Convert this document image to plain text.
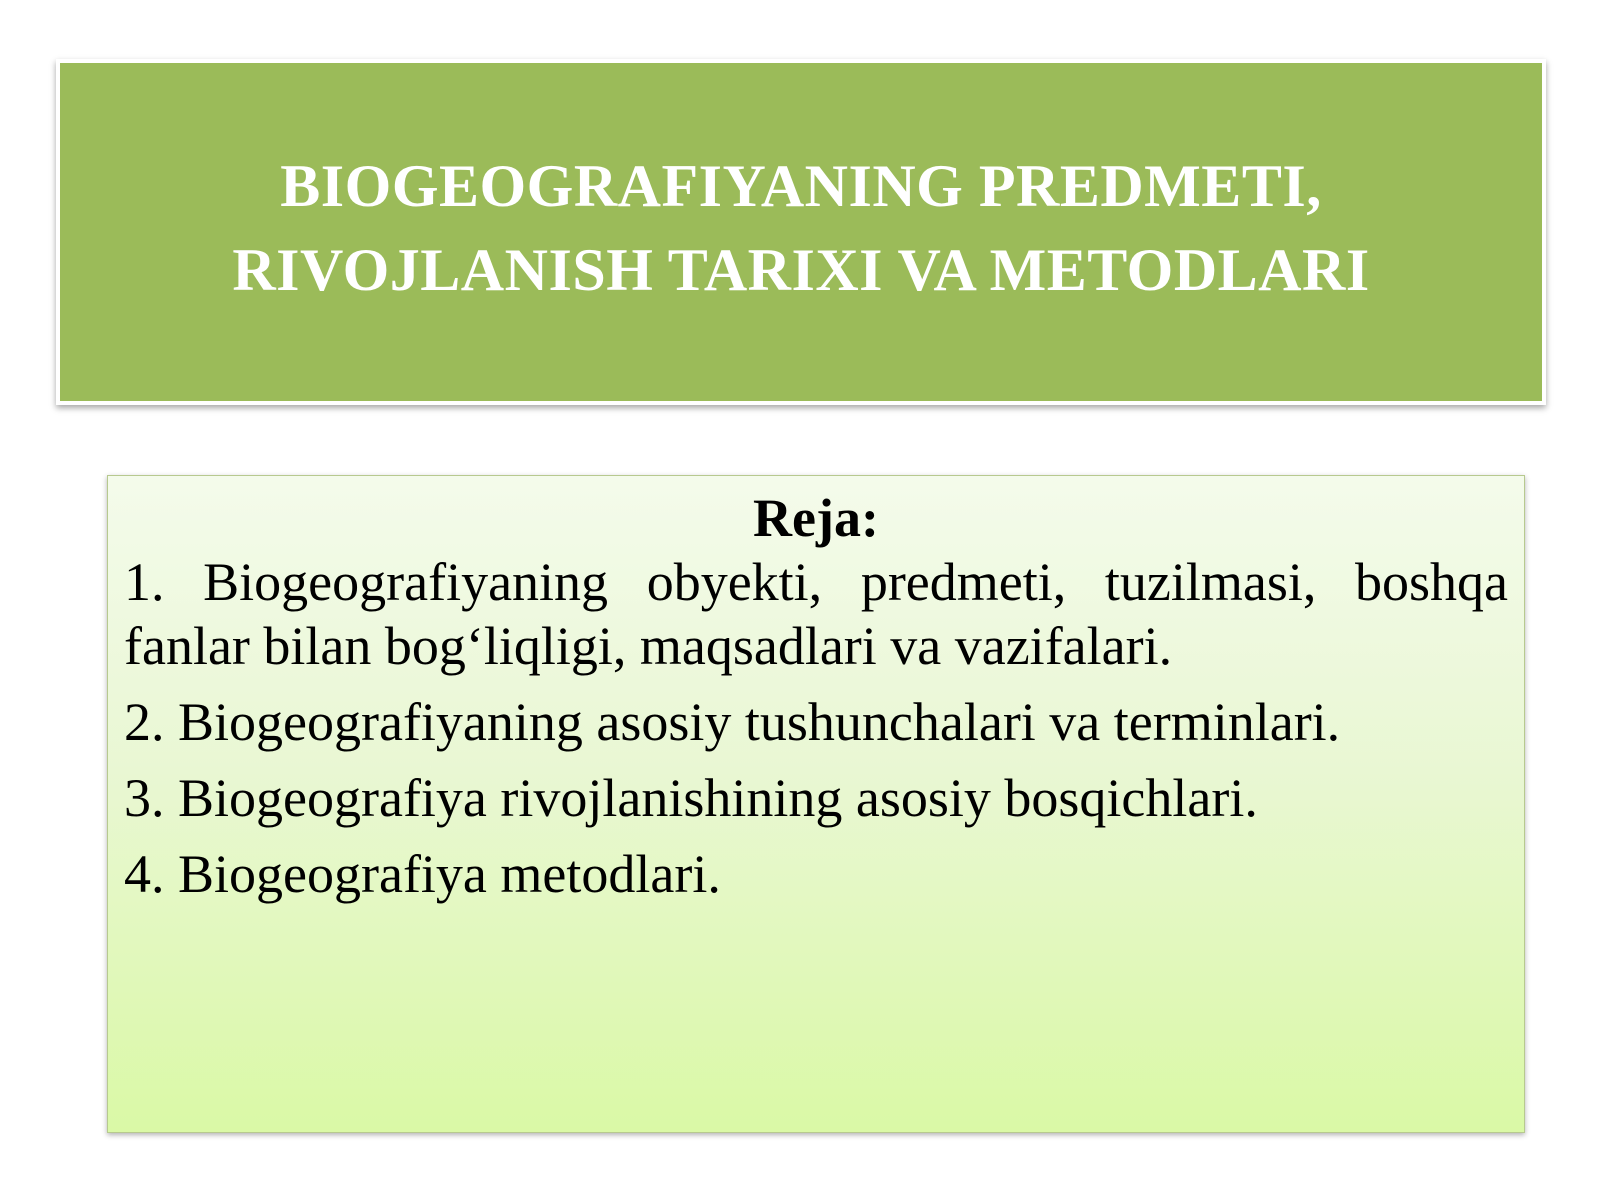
BIOGEOGRAFIYANING PREDMETI,
RIVOJLANISH TARIXI VA METODLARI
Reja:
1. Biogeografiyaning obyekti, predmeti, tuzilmasi, boshqa fanlar bilan bog‘liqligi, maqsadlari va vazifalari.
2. Biogeografiyaning asosiy tushunchalari va terminlari.
3. Biogeografiya rivojlanishining asosiy bosqichlari.
4. Biogeografiya metodlari.
